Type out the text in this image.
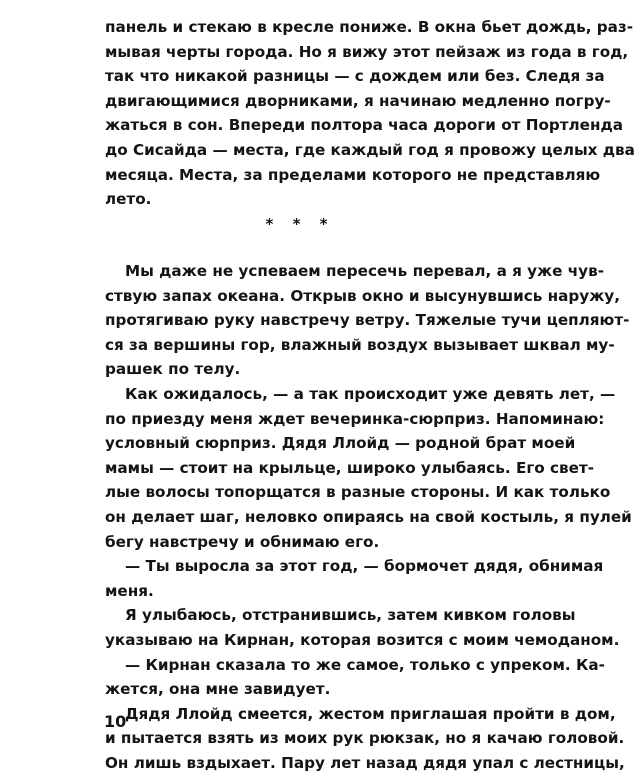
панель и стекаю в кресле пониже. В окна бьет дождь, раз-
мывая черты города. Но я вижу этот пейзаж из года в год,
так что никакой разницы — с дождем или без. Следя за
двигающимися дворниками, я начинаю медленно погру-
жаться в сон. Впереди полтора часа дороги от Портленда
до Сисайда — места, где каждый год я провожу целых два
месяца. Места, за пределами которого не представляю
лето.
* * *
Мы даже не успеваем пересечь перевал, а я уже чув-
ствую запах океана. Открыв окно и высунувшись наружу,
протягиваю руку навстречу ветру. Тяжелые тучи цепляют-
ся за вершины гор, влажный воздух вызывает шквал му-
рашек по телу.
Как ожидалось, — а так происходит уже девять лет, —
по приезду меня ждет вечеринка-сюрприз. Напоминаю:
условный сюрприз. Дядя Ллойд — родной брат моей
мамы — стоит на крыльце, широко улыбаясь. Его свет-
лые волосы топорщатся в разные стороны. И как только
он делает шаг, неловко опираясь на свой костыль, я пулей
бегу навстречу и обнимаю его.
— Ты выросла за этот год, — бормочет дядя, обнимая
меня.
Я улыбаюсь, отстранившись, затем кивком головы
указываю на Кирнан, которая возится с моим чемоданом.
— Кирнан сказала то же самое, только с упреком. Ка-
жется, она мне завидует.
Дядя Ллойд смеется, жестом приглашая пройти в дом,
и пытается взять из моих рук рюкзак, но я качаю головой.
Он лишь вздыхает. Пару лет назад дядя упал с лестницы,
10
